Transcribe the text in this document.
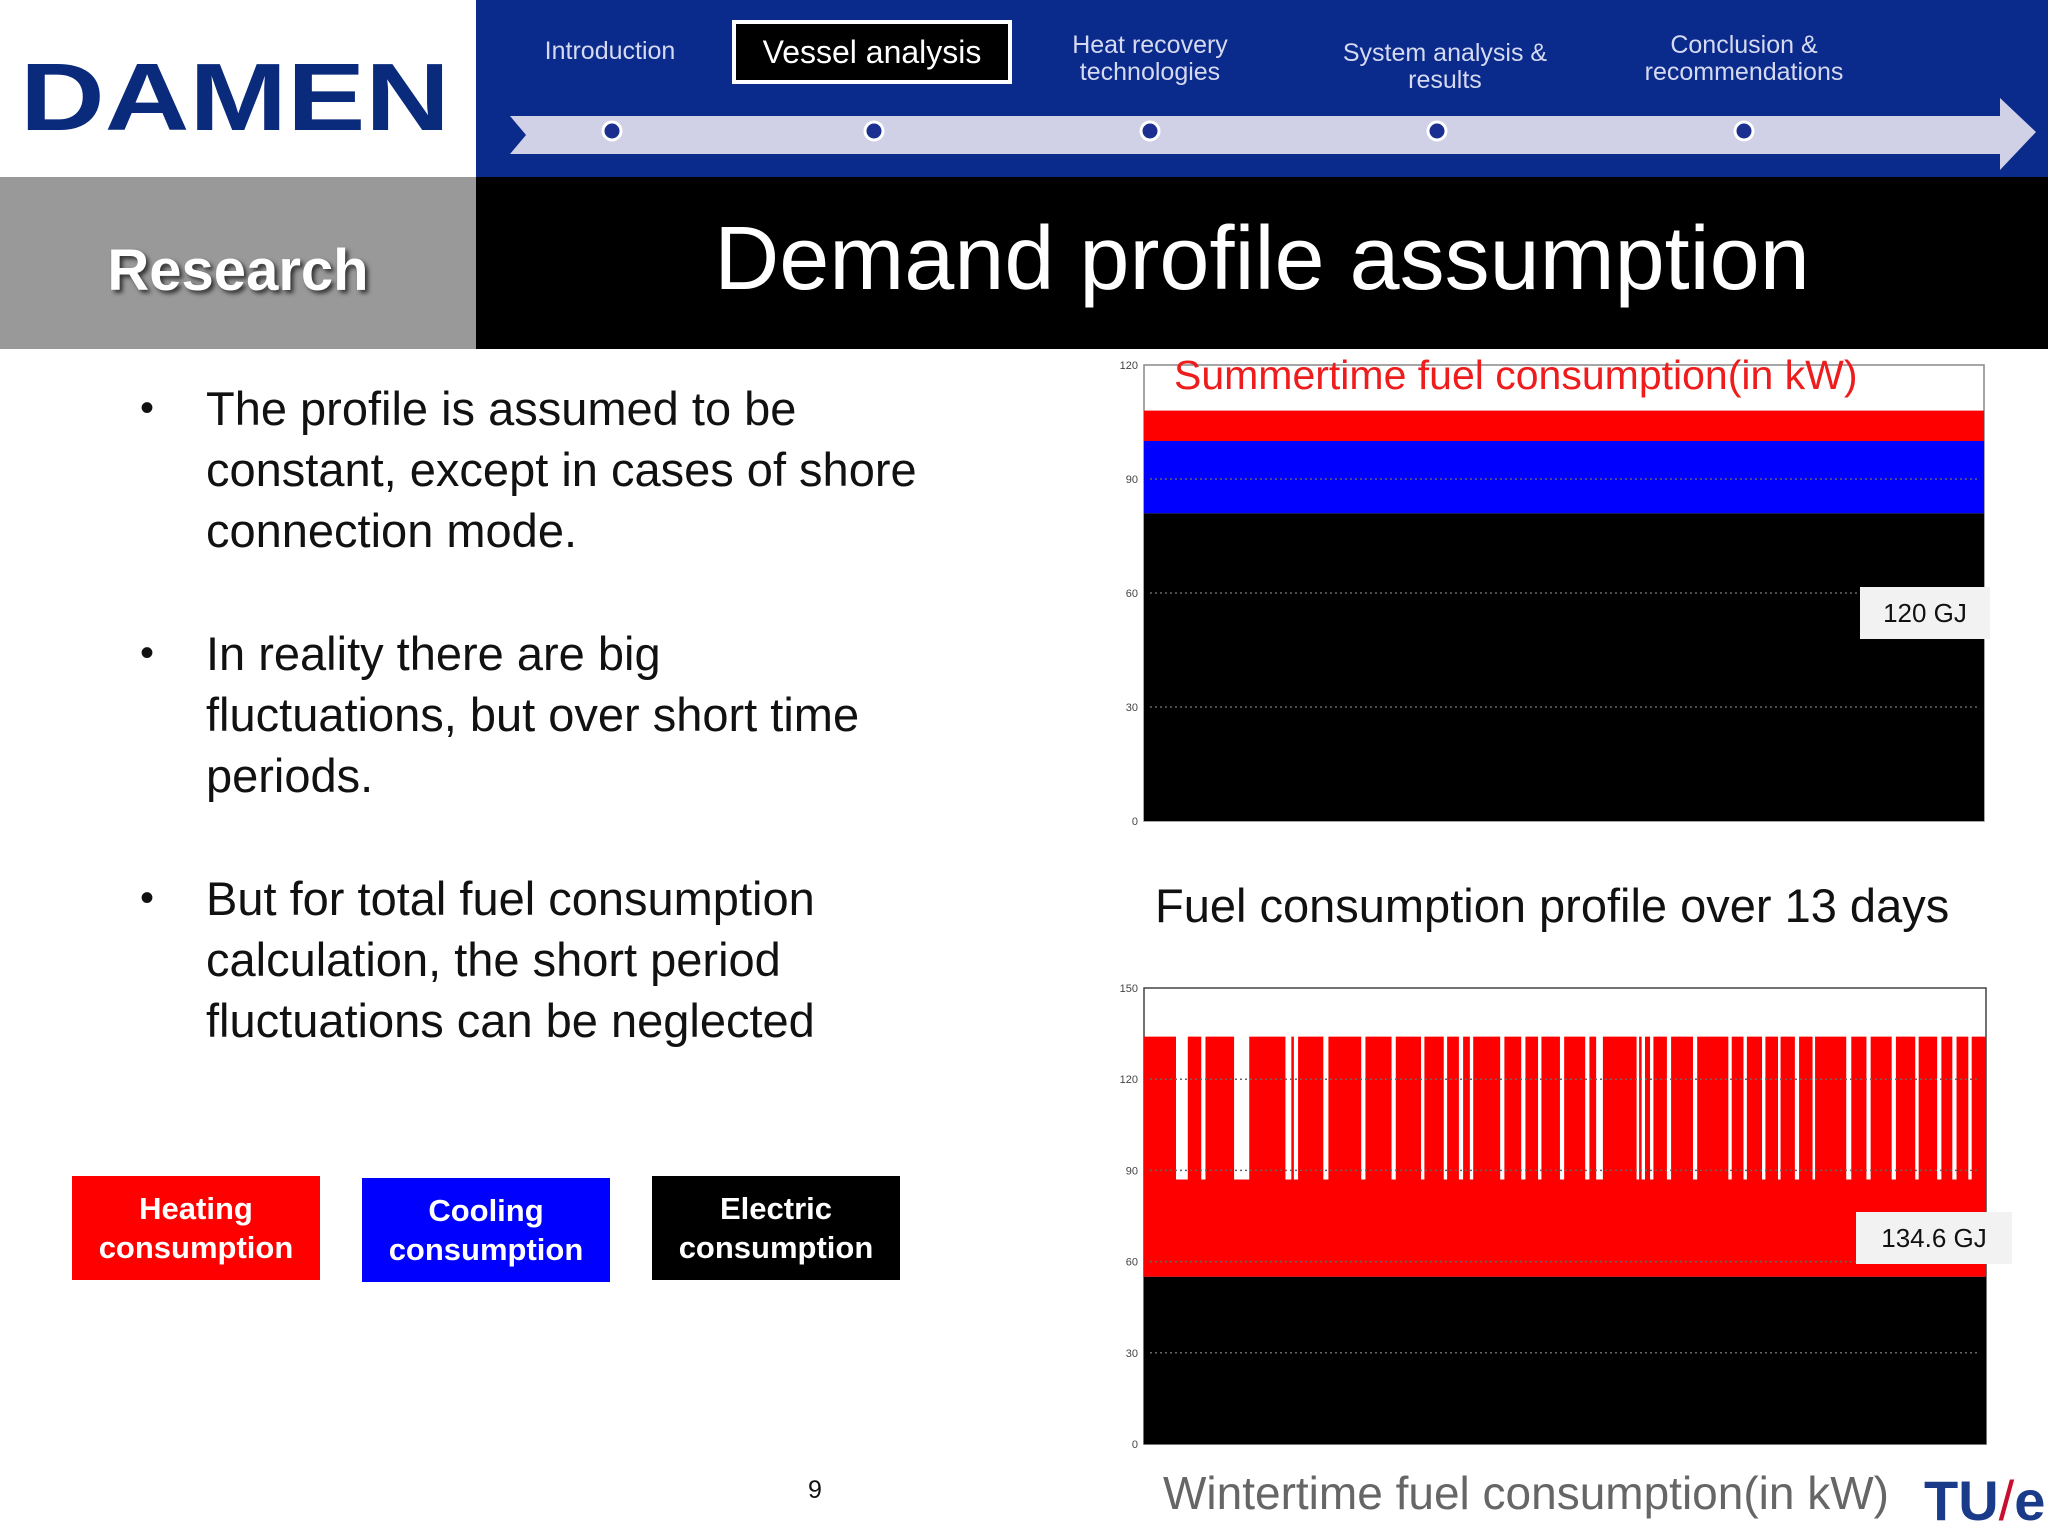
DAMEN	Introduction	Vessel analysis	Heat recovery technologies
System analysis & results
Conclusion & recommendations
Research	Demand profile assumption
• The profile is assumed to be constant, except in cases of shore connection mode.
• In reality there are big fluctuations, but over short time periods.
• But for total fuel consumption calculation, the short period fluctuations can be neglected
Heating consumption
Cooling consumption
Electric consumption
0
30
60
90
120 Summertime fuel consumption(in kW)
120 GJ
Fuel consumption profile over 13 days
0
30
60
90
120
150
134.6 GJ
Wintertime fuel consumption(in kW)
9	TU/e
